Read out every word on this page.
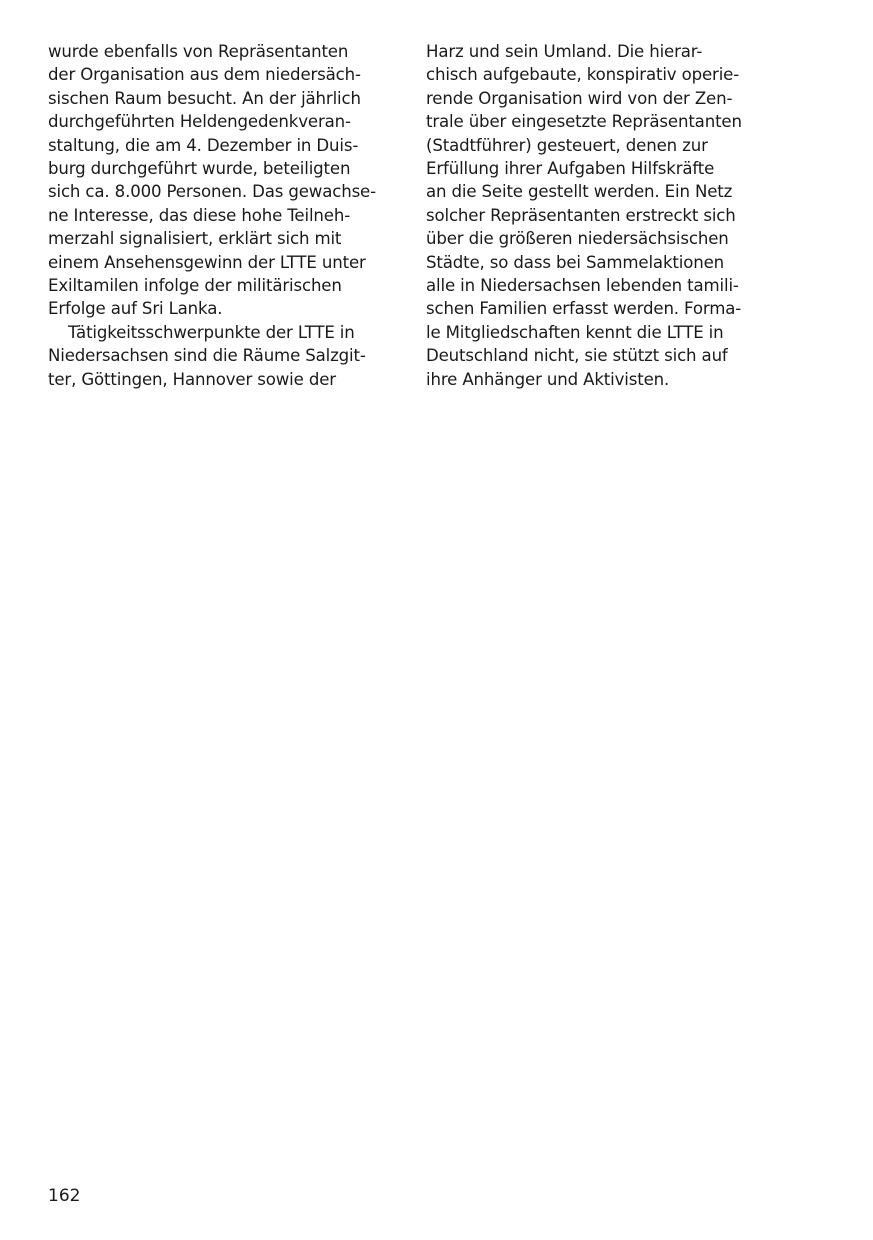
wurde ebenfalls von Repräsentanten
der Organisation aus dem niedersäch-
sischen Raum besucht. An der jährlich
durchgeführten Heldengedenkveran-
staltung, die am 4. Dezember in Duis-
burg durchgeführt wurde, beteiligten
sich ca. 8.000 Personen. Das gewachse-
ne Interesse, das diese hohe Teilneh-
merzahl signalisiert, erklärt sich mit
einem Ansehensgewinn der LTTE unter
Exiltamilen infolge der militärischen
Erfolge auf Sri Lanka.
Tätigkeitsschwerpunkte der LTTE in
Niedersachsen sind die Räume Salzgit-
ter, Göttingen, Hannover sowie der
Harz und sein Umland. Die hierar-
chisch aufgebaute, konspirativ operie-
rende Organisation wird von der Zen-
trale über eingesetzte Repräsentanten
(Stadtführer) gesteuert, denen zur
Erfüllung ihrer Aufgaben Hilfskräfte
an die Seite gestellt werden. Ein Netz
solcher Repräsentanten erstreckt sich
über die größeren niedersächsischen
Städte, so dass bei Sammelaktionen
alle in Niedersachsen lebenden tamili-
schen Familien erfasst werden. Forma-
le Mitgliedschaften kennt die LTTE in
Deutschland nicht, sie stützt sich auf
ihre Anhänger und Aktivisten.
162
